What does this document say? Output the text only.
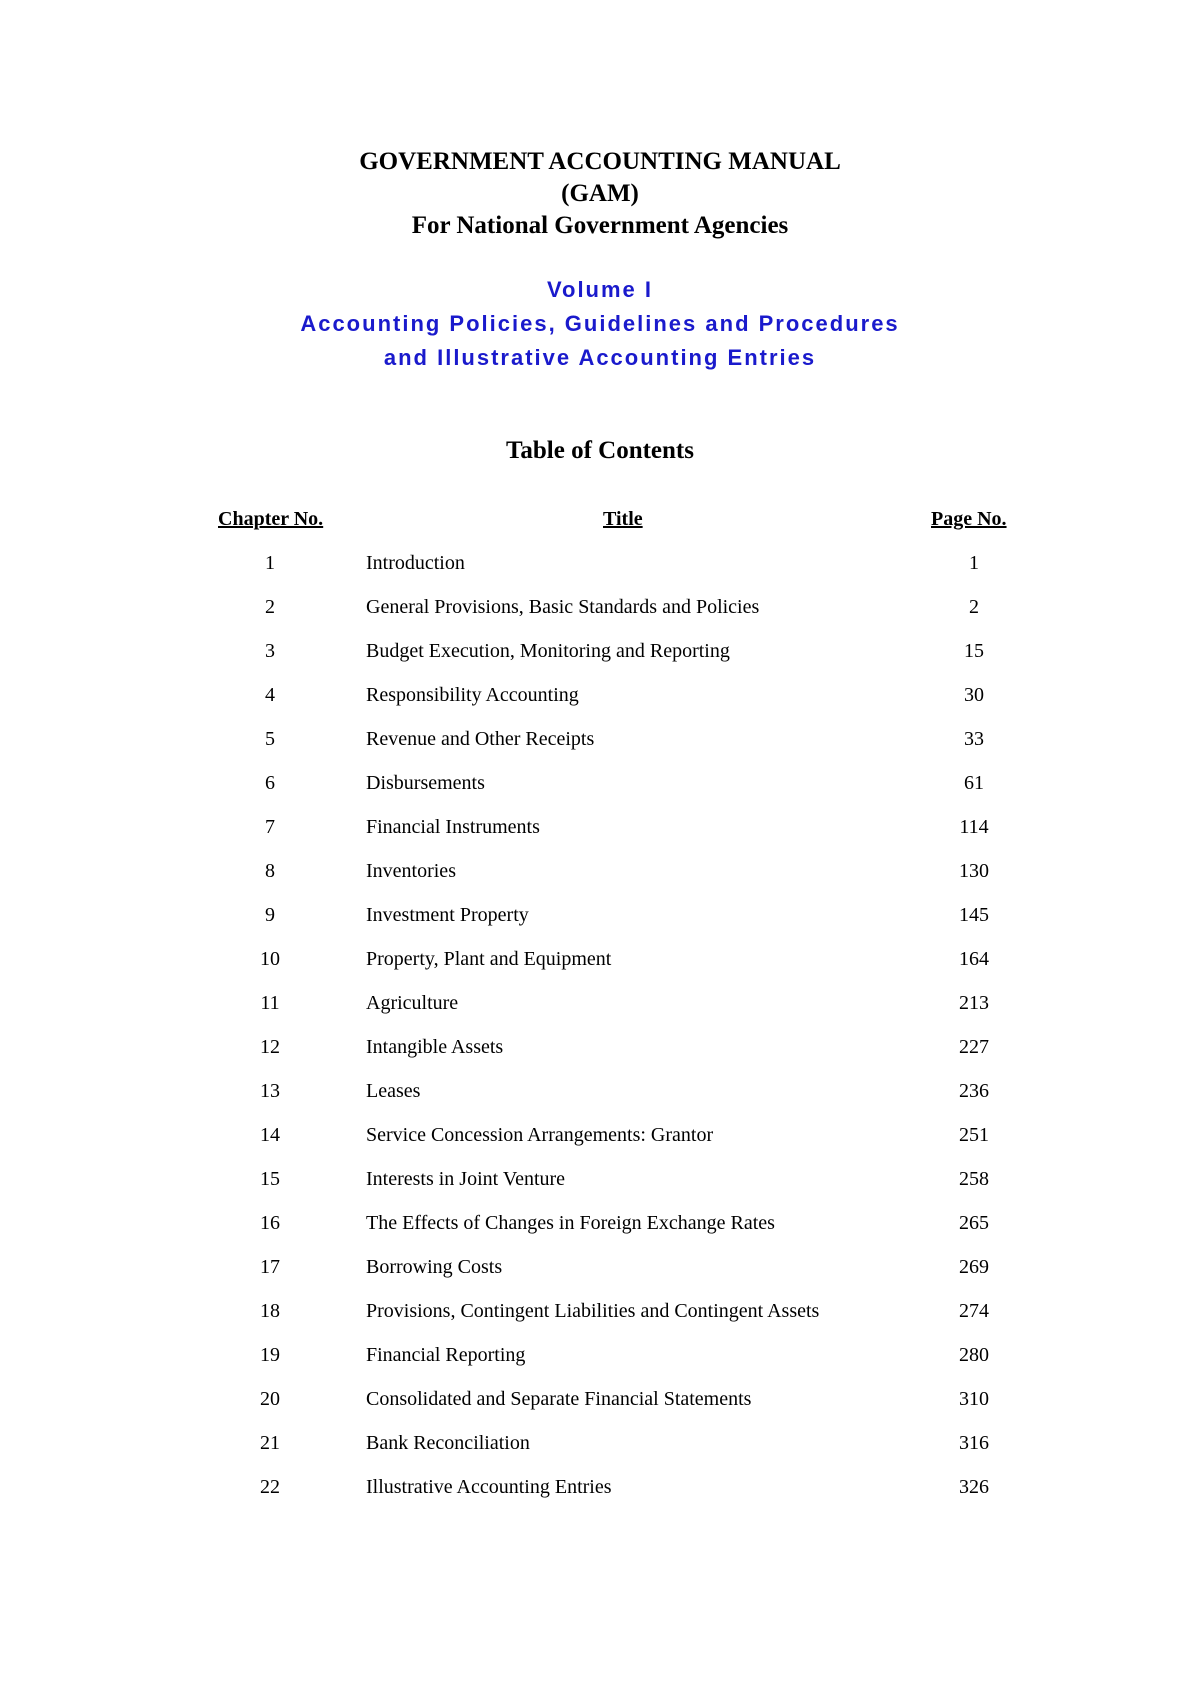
GOVERNMENT ACCOUNTING MANUAL
(GAM)
For National Government Agencies
Volume I
Accounting Policies, Guidelines and Procedures
and Illustrative Accounting Entries
Table of Contents
Chapter No.	Title	Page No.
1	Introduction	1
2	General Provisions, Basic Standards and Policies	2
3	Budget Execution, Monitoring and Reporting	15
4	Responsibility Accounting	30
5	Revenue and Other Receipts	33
6	Disbursements	61
7	Financial Instruments	114
8	Inventories	130
9	Investment Property	145
10	Property, Plant and Equipment	164
11	Agriculture	213
12	Intangible Assets	227
13	Leases	236
14	Service Concession Arrangements: Grantor	251
15	Interests in Joint Venture	258
16	The Effects of Changes in Foreign Exchange Rates	265
17	Borrowing Costs	269
18	Provisions, Contingent Liabilities and Contingent Assets	274
19	Financial Reporting	280
20	Consolidated and Separate Financial Statements	310
21	Bank Reconciliation	316
22	Illustrative Accounting Entries	326
